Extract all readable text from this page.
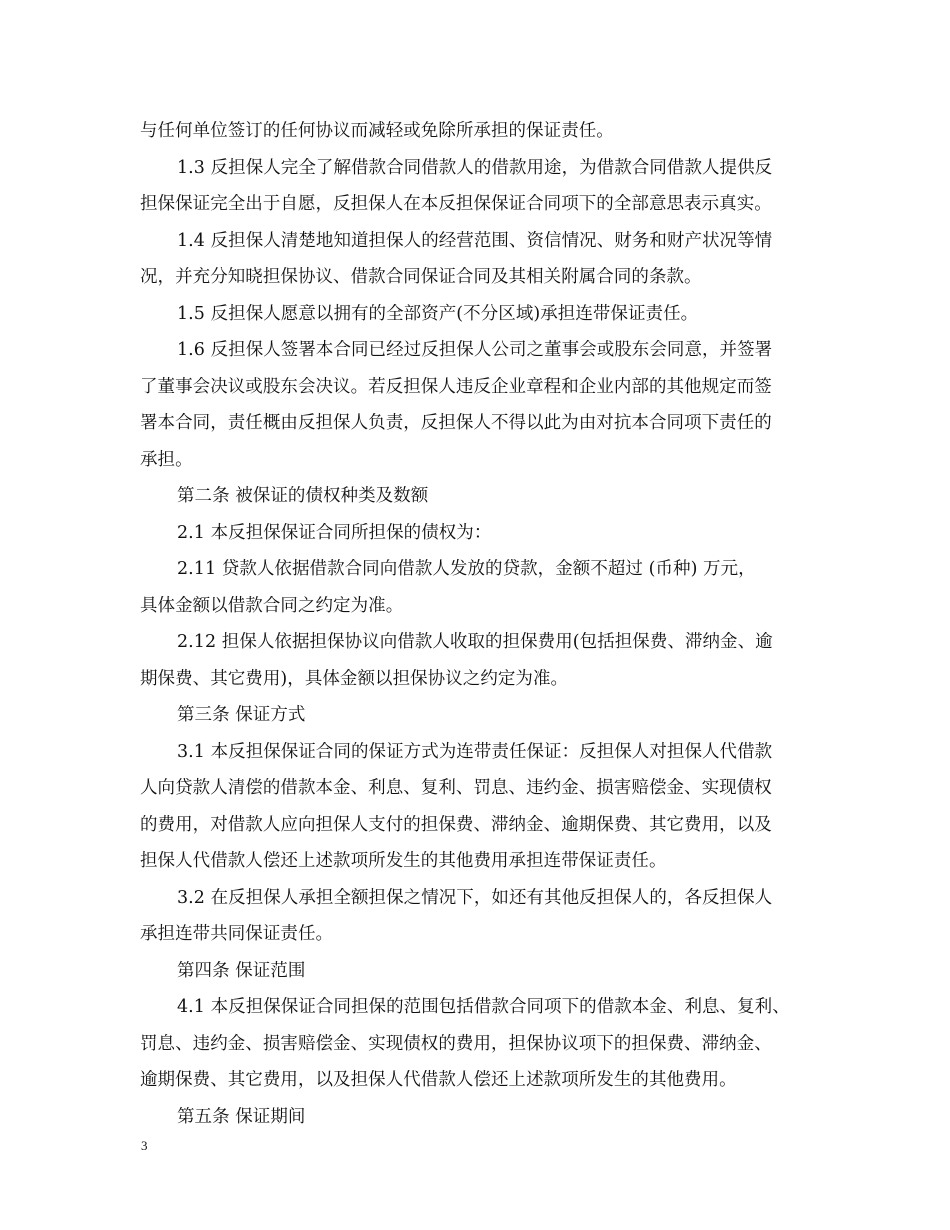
与任何单位签订的任何协议而减轻或免除所承担的保证责任。
1.3 反担保人完全了解借款合同借款人的借款用途，为借款合同借款人提供反
担保保证完全出于自愿，反担保人在本反担保保证合同项下的全部意思表示真实。
1.4 反担保人清楚地知道担保人的经营范围、资信情况、财务和财产状况等情
况，并充分知晓担保协议、借款合同保证合同及其相关附属合同的条款。
1.5 反担保人愿意以拥有的全部资产(不分区域)承担连带保证责任。
1.6 反担保人签署本合同已经过反担保人公司之董事会或股东会同意，并签署
了董事会决议或股东会决议。若反担保人违反企业章程和企业内部的其他规定而签
署本合同，责任概由反担保人负责，反担保人不得以此为由对抗本合同项下责任的
承担。
第二条 被保证的债权种类及数额
2.1 本反担保保证合同所担保的债权为：
2.11 贷款人依据借款合同向借款人发放的贷款，金额不超过 (币种) 万元，
具体金额以借款合同之约定为准。
2.12 担保人依据担保协议向借款人收取的担保费用(包括担保费、滞纳金、逾
期保费、其它费用)，具体金额以担保协议之约定为准。
第三条 保证方式
3.1 本反担保保证合同的保证方式为连带责任保证：反担保人对担保人代借款
人向贷款人清偿的借款本金、利息、复利、罚息、违约金、损害赔偿金、实现债权
的费用，对借款人应向担保人支付的担保费、滞纳金、逾期保费、其它费用，以及
担保人代借款人偿还上述款项所发生的其他费用承担连带保证责任。
3.2 在反担保人承担全额担保之情况下，如还有其他反担保人的，各反担保人
承担连带共同保证责任。
第四条 保证范围
4.1 本反担保保证合同担保的范围包括借款合同项下的借款本金、利息、复利、
罚息、违约金、损害赔偿金、实现债权的费用，担保协议项下的担保费、滞纳金、
逾期保费、其它费用，以及担保人代借款人偿还上述款项所发生的其他费用。
第五条 保证期间
3
